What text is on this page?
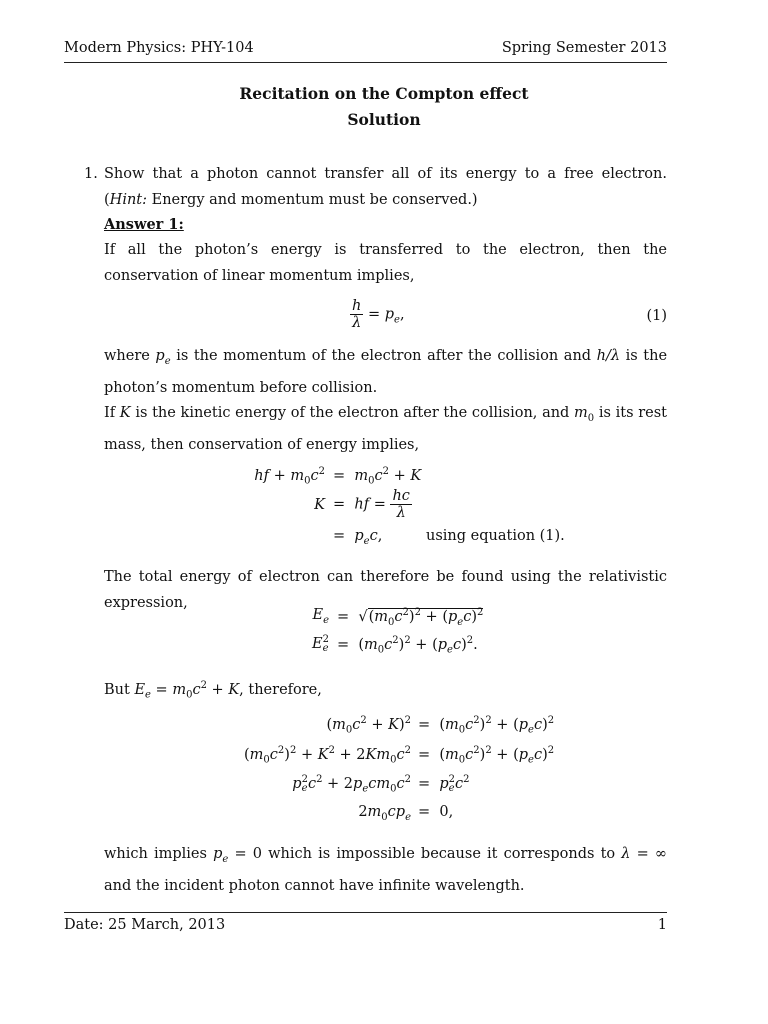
Modern Physics: PHY-104	Spring Semester 2013
Recitation on the Compton effect
Solution
1. Show that a photon cannot transfer all of its energy to a free electron. (Hint: Energy and momentum must be conserved.)
Answer 1:
If all the photon’s energy is transferred to the electron, then the conservation of linear momentum implies,
$\frac{h}{\lambda} = p_e$,	(1)
where $p_e$ is the momentum of the electron after the collision and h/λ is the photon’s momentum before collision.
If K is the kinetic energy of the electron after the collision, and $m_0$ is its rest mass, then conservation of energy implies,
hf + $m_0c^2 = m_0c^2 + K$
K =  hf = $\frac{hc}{\lambda}$
=  $p_ec$,	using equation (1).
The total energy of electron can therefore be found using the relativistic expression,
$E_e = √(m_0c^2)^2 + (p_ec)^2$
E 2
$e = (m_0c^2)^2 + (p_ec)^2$.
But $E_e = m_0c^2 + K$, therefore,
$(m_0c^2 + K)^2 = (m_0c^2)^2 + (p_ec)^2$
$(m_0c^2)^2 + K^2 + 2Km_0c^2 = (m_0c^2)^2 + (p_ec)^2$
p 2
e $c^2 + 2p_ecm_0c^2 = p$ 2
e $c^2$
$2m_0cp_e = 0$,
which implies $p_e = 0$ which is impossible because it corresponds to λ = ∞ and the incident photon cannot have infinite wavelength.
Date: 25 March, 2013	1
